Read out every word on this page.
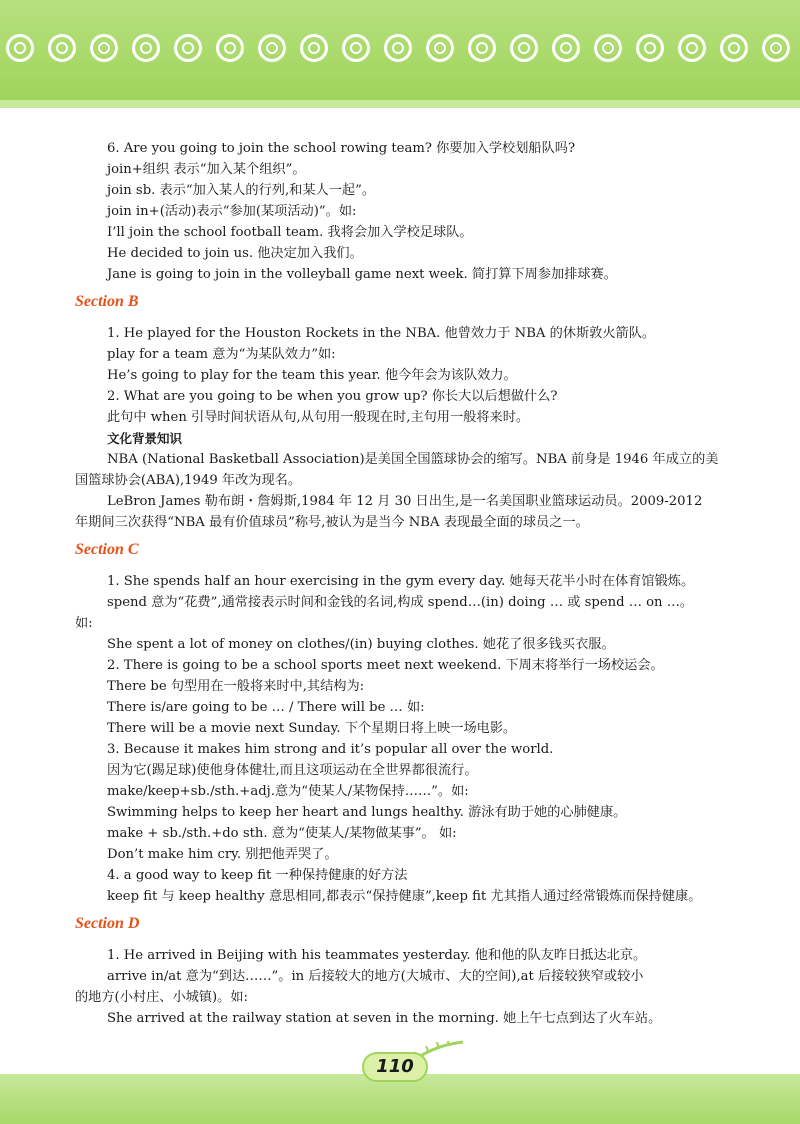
6. Are you going to join the school rowing team? 你要加入学校划船队吗?
join+组织 表示“加入某个组织”。
join sb. 表示“加入某人的行列,和某人一起”。
join in+(活动)表示“参加(某项活动)”。如:
I’ll join the school football team. 我将会加入学校足球队。
He decided to join us. 他决定加入我们。
Jane is going to join in the volleyball game next week. 简打算下周参加排球赛。
Section B
1. He played for the Houston Rockets in the NBA. 他曾效力于 NBA 的休斯敦火箭队。
play for a team 意为“为某队效力”如:
He’s going to play for the team this year. 他今年会为该队效力。
2. What are you going to be when you grow up? 你长大以后想做什么?
此句中 when 引导时间状语从句,从句用一般现在时,主句用一般将来时。
文化背景知识
NBA (National Basketball Association)是美国全国篮球协会的缩写。NBA 前身是 1946 年成立的美
国篮球协会(ABA),1949 年改为现名。
LeBron James 勒布朗・詹姆斯,1984 年 12 月 30 日出生,是一名美国职业篮球运动员。2009-2012
年期间三次获得“NBA 最有价值球员”称号,被认为是当今 NBA 表现最全面的球员之一。
Section C
1. She spends half an hour exercising in the gym every day. 她每天花半小时在体育馆锻炼。
spend 意为“花费”,通常接表示时间和金钱的名词,构成 spend…(in) doing … 或 spend … on …。
如:
She spent a lot of money on clothes/(in) buying clothes. 她花了很多钱买衣服。
2. There is going to be a school sports meet next weekend. 下周末将举行一场校运会。
There be 句型用在一般将来时中,其结构为:
There is/are going to be … / There will be … 如:
There will be a movie next Sunday. 下个星期日将上映一场电影。
3. Because it makes him strong and it’s popular all over the world.
因为它(踢足球)使他身体健壮,而且这项运动在全世界都很流行。
make/keep+sb./sth.+adj.意为“使某人/某物保持……”。如:
Swimming helps to keep her heart and lungs healthy. 游泳有助于她的心肺健康。
make + sb./sth.+do sth. 意为“使某人/某物做某事”。 如:
Don’t make him cry. 别把他弄哭了。
4. a good way to keep fit 一种保持健康的好方法
keep fit 与 keep healthy 意思相同,都表示“保持健康”,keep fit 尤其指人通过经常锻炼而保持健康。
Section D
1. He arrived in Beijing with his teammates yesterday. 他和他的队友昨日抵达北京。
arrive in/at 意为“到达……”。in 后接较大的地方(大城市、大的空间),at 后接较狭窄或较小
的地方(小村庄、小城镇)。如:
She arrived at the railway station at seven in the morning. 她上午七点到达了火车站。
110
